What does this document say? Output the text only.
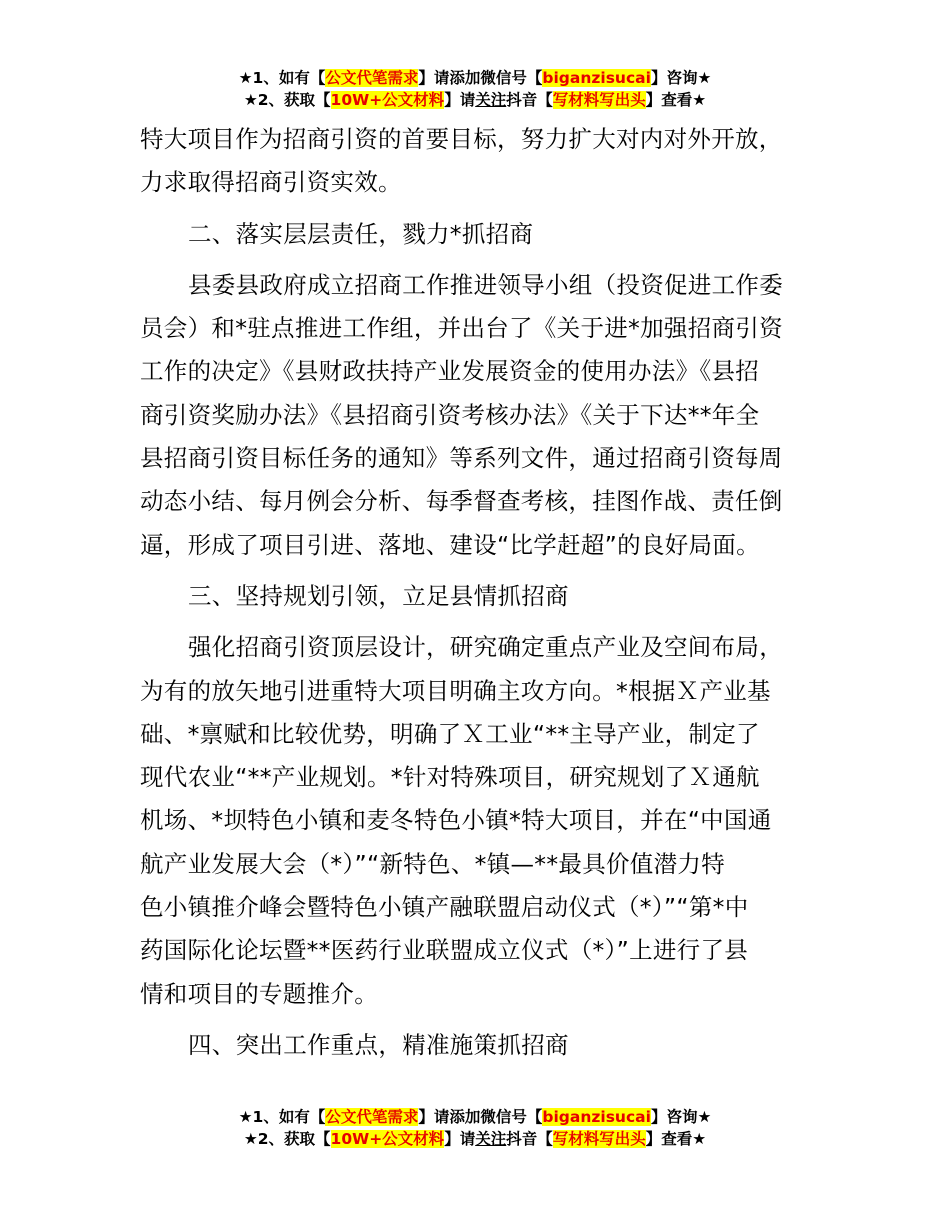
★1、如有【公文代笔需求】请添加微信号【biganzisucai】咨询★
★2、获取【10W+公文材料】请关注抖音【写材料写出头】查看★

特大项目作为招商引资的首要目标，努力扩大对内对外开放，

力求取得招商引资实效。

二、落实层层责任，戮力*抓招商

县委县政府成立招商工作推进领导小组（投资促进工作委

员会）和*驻点推进工作组，并出台了《关于进*加强招商引资

工作的决定》《县财政扶持产业发展资金的使用办法》《县招

商引资奖励办法》《县招商引资考核办法》《关于下达**年全

县招商引资目标任务的通知》等系列文件，通过招商引资每周

动态小结、每月例会分析、每季督查考核，挂图作战、责任倒

逼，形成了项目引进、落地、建设“比学赶超”的良好局面。

三、坚持规划引领，立足县情抓招商

强化招商引资顶层设计，研究确定重点产业及空间布局，

为有的放矢地引进重特大项目明确主攻方向。*根据Ｘ产业基

础、*禀赋和比较优势，明确了Ｘ工业“**主导产业，制定了

现代农业“**产业规划。*针对特殊项目，研究规划了Ｘ通航

机场、*坝特色小镇和麦冬特色小镇*特大项目，并在“中国通

航产业发展大会（*）”“新特色、*镇—**最具价值潜力特

色小镇推介峰会暨特色小镇产融联盟启动仪式（*）”“第*中

药国际化论坛暨**医药行业联盟成立仪式（*）”上进行了县

情和项目的专题推介。

四、突出工作重点，精准施策抓招商

★1、如有【公文代笔需求】请添加微信号【biganzisucai】咨询★
★2、获取【10W+公文材料】请关注抖音【写材料写出头】查看★
